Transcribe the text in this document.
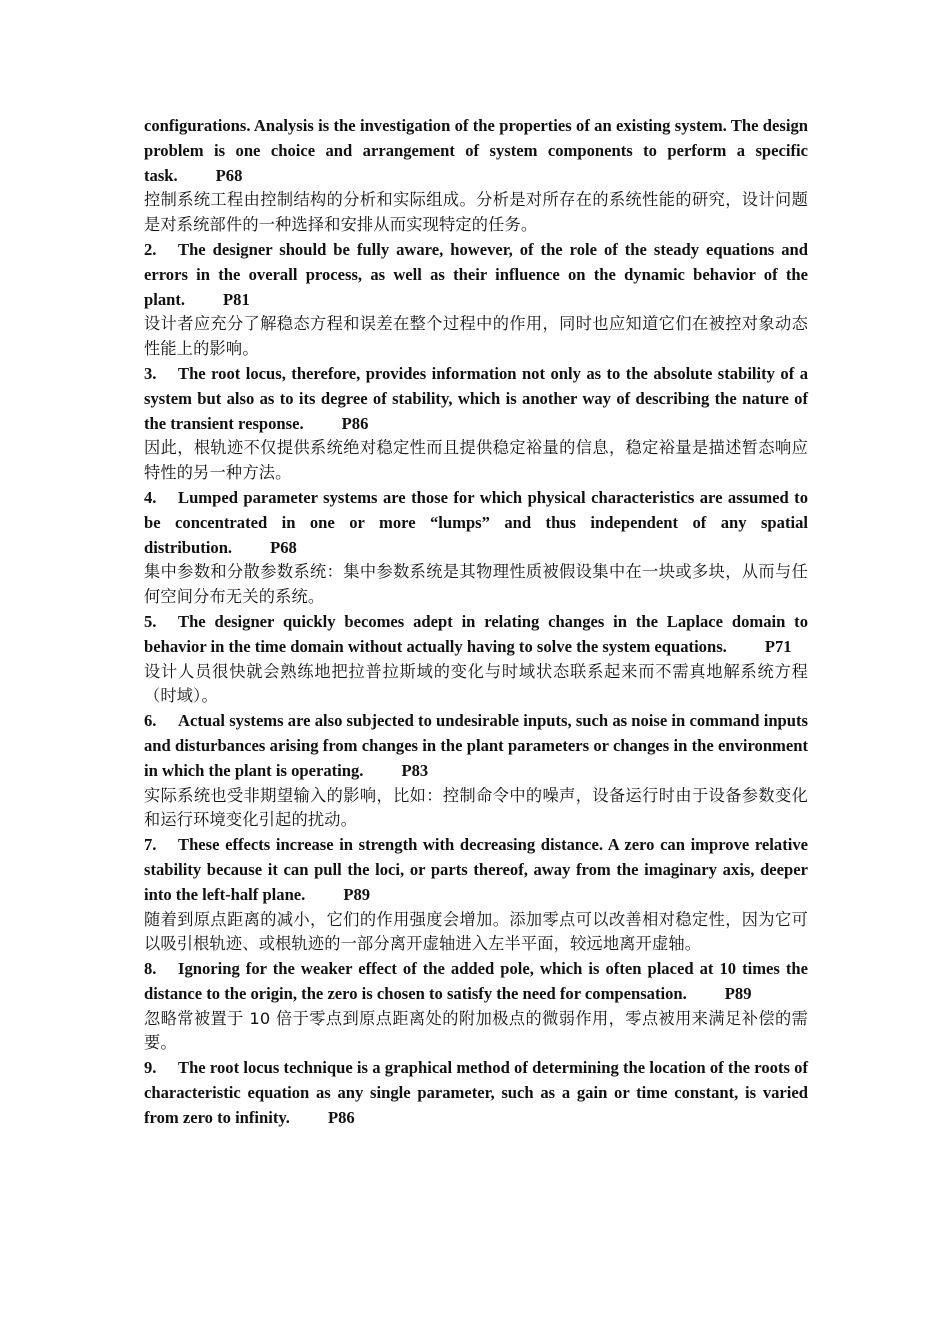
configurations. Analysis is the investigation of the properties of an existing system. The design problem is one choice and arrangement of system components to perform a specific task. P68

控制系统工程由控制结构的分析和实际组成。分析是对所存在的系统性能的研究，设计问题是对系统部件的一种选择和安排从而实现特定的任务。

2. The designer should be fully aware, however, of the role of the steady equations and errors in the overall process, as well as their influence on the dynamic behavior of the plant. P81

设计者应充分了解稳态方程和误差在整个过程中的作用，同时也应知道它们在被控对象动态性能上的影响。

3. The root locus, therefore, provides information not only as to the absolute stability of a system but also as to its degree of stability, which is another way of describing the nature of the transient response. P86

因此，根轨迹不仅提供系统绝对稳定性而且提供稳定裕量的信息，稳定裕量是描述暂态响应特性的另一种方法。

4. Lumped parameter systems are those for which physical characteristics are assumed to be concentrated in one or more “lumps” and thus independent of any spatial distribution. P68

集中参数和分散参数系统：集中参数系统是其物理性质被假设集中在一块或多块，从而与任何空间分布无关的系统。

5. The designer quickly becomes adept in relating changes in the Laplace domain to behavior in the time domain without actually having to solve the system equations. P71

设计人员很快就会熟练地把拉普拉斯域的变化与时域状态联系起来而不需真地解系统方程（时域）。

6. Actual systems are also subjected to undesirable inputs, such as noise in command inputs and disturbances arising from changes in the plant parameters or changes in the environment in which the plant is operating. P83

实际系统也受非期望输入的影响，比如：控制命令中的噪声，设备运行时由于设备参数变化和运行环境变化引起的扰动。

7. These effects increase in strength with decreasing distance. A zero can improve relative stability because it can pull the loci, or parts thereof, away from the imaginary axis, deeper into the left-half plane. P89

随着到原点距离的减小，它们的作用强度会增加。添加零点可以改善相对稳定性，因为它可以吸引根轨迹、或根轨迹的一部分离开虚轴进入左半平面，较远地离开虚轴。

8. Ignoring for the weaker effect of the added pole, which is often placed at 10 times the distance to the origin, the zero is chosen to satisfy the need for compensation. P89

忽略常被置于 10 倍于零点到原点距离处的附加极点的微弱作用，零点被用来满足补偿的需要。

9. The root locus technique is a graphical method of determining the location of the roots of characteristic equation as any single parameter, such as a gain or time constant, is varied from zero to infinity. P86
